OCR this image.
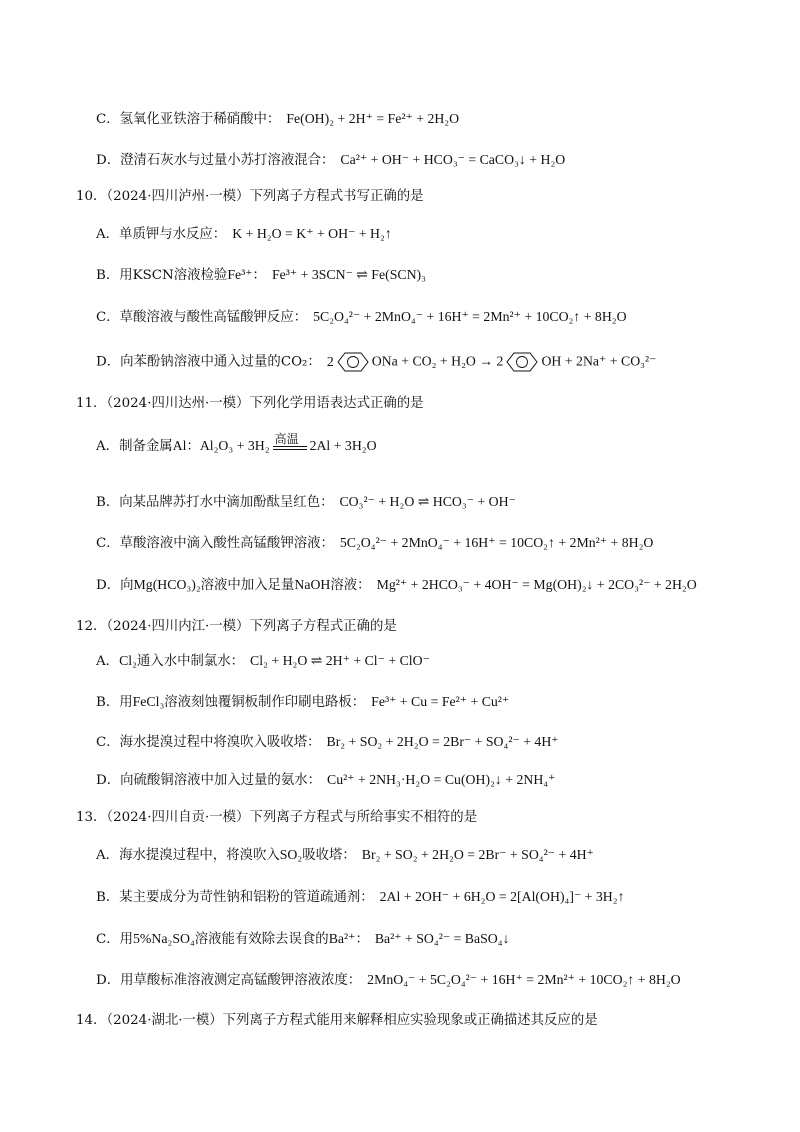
C．氢氧化亚铁溶于稀硝酸中： Fe(OH)₂ + 2H⁺ = Fe²⁺ + 2H₂O
D．澄清石灰水与过量小苏打溶液混合： Ca²⁺ + OH⁻ + HCO₃⁻ = CaCO₃↓ + H₂O
10．（2024·四川泸州·一模）下列离子方程式书写正确的是
A．单质钾与水反应： K + H₂O = K⁺ + OH⁻ + H₂↑
B．用KSCN溶液检验Fe³⁺： Fe³⁺ + 3SCN⁻ ⇌ Fe(SCN)₃
C．草酸溶液与酸性高锰酸钾反应： 5C₂O₄²⁻ + 2MnO₄⁻ + 16H⁺ = 2Mn²⁺ + 10CO₂↑ + 8H₂O
D．向苯酚钠溶液中通入过量的CO₂： 2	ONa + CO₂ + H₂O → 2	OH + 2Na⁺ + CO₃²⁻
11．（2024·四川达州·一模）下列化学用语表达式正确的是
A．制备金属Al：Al₂O₃ + 3H₂ 高温 2Al + 3H₂O
B．向某品牌苏打水中滴加酚酞呈红色： CO₃²⁻ + H₂O ⇌ HCO₃⁻ + OH⁻
C．草酸溶液中滴入酸性高锰酸钾溶液： 5C₂O₄²⁻ + 2MnO₄⁻ + 16H⁺ = 10CO₂↑ + 2Mn²⁺ + 8H₂O
D．向Mg(HCO₃)₂溶液中加入足量NaOH溶液： Mg²⁺ + 2HCO₃⁻ + 4OH⁻ = Mg(OH)₂↓ + 2CO₃²⁻ + 2H₂O
12．（2024·四川内江·一模）下列离子方程式正确的是
A．Cl₂通入水中制氯水： Cl₂ + H₂O ⇌ 2H⁺ + Cl⁻ + ClO⁻
B．用FeCl₃溶液刻蚀覆铜板制作印刷电路板： Fe³⁺ + Cu = Fe²⁺ + Cu²⁺
C．海水提溴过程中将溴吹入吸收塔： Br₂ + SO₂ + 2H₂O = 2Br⁻ + SO₄²⁻ + 4H⁺
D．向硫酸铜溶液中加入过量的氨水： Cu²⁺ + 2NH₃·H₂O = Cu(OH)₂↓ + 2NH₄⁺
13．（2024·四川自贡·一模）下列离子方程式与所给事实不相符的是
A．海水提溴过程中，将溴吹入SO₂吸收塔： Br₂ + SO₂ + 2H₂O = 2Br⁻ + SO₄²⁻ + 4H⁺
B．某主要成分为苛性钠和铝粉的管道疏通剂： 2Al + 2OH⁻ + 6H₂O = 2[Al(OH)₄]⁻ + 3H₂↑
C．用5%Na₂SO₄溶液能有效除去误食的Ba²⁺： Ba²⁺ + SO₄²⁻ = BaSO₄↓
D．用草酸标准溶液测定高锰酸钾溶液浓度： 2MnO₄⁻ + 5C₂O₄²⁻ + 16H⁺ = 2Mn²⁺ + 10CO₂↑ + 8H₂O
14．（2024·湖北·一模）下列离子方程式能用来解释相应实验现象或正确描述其反应的是
